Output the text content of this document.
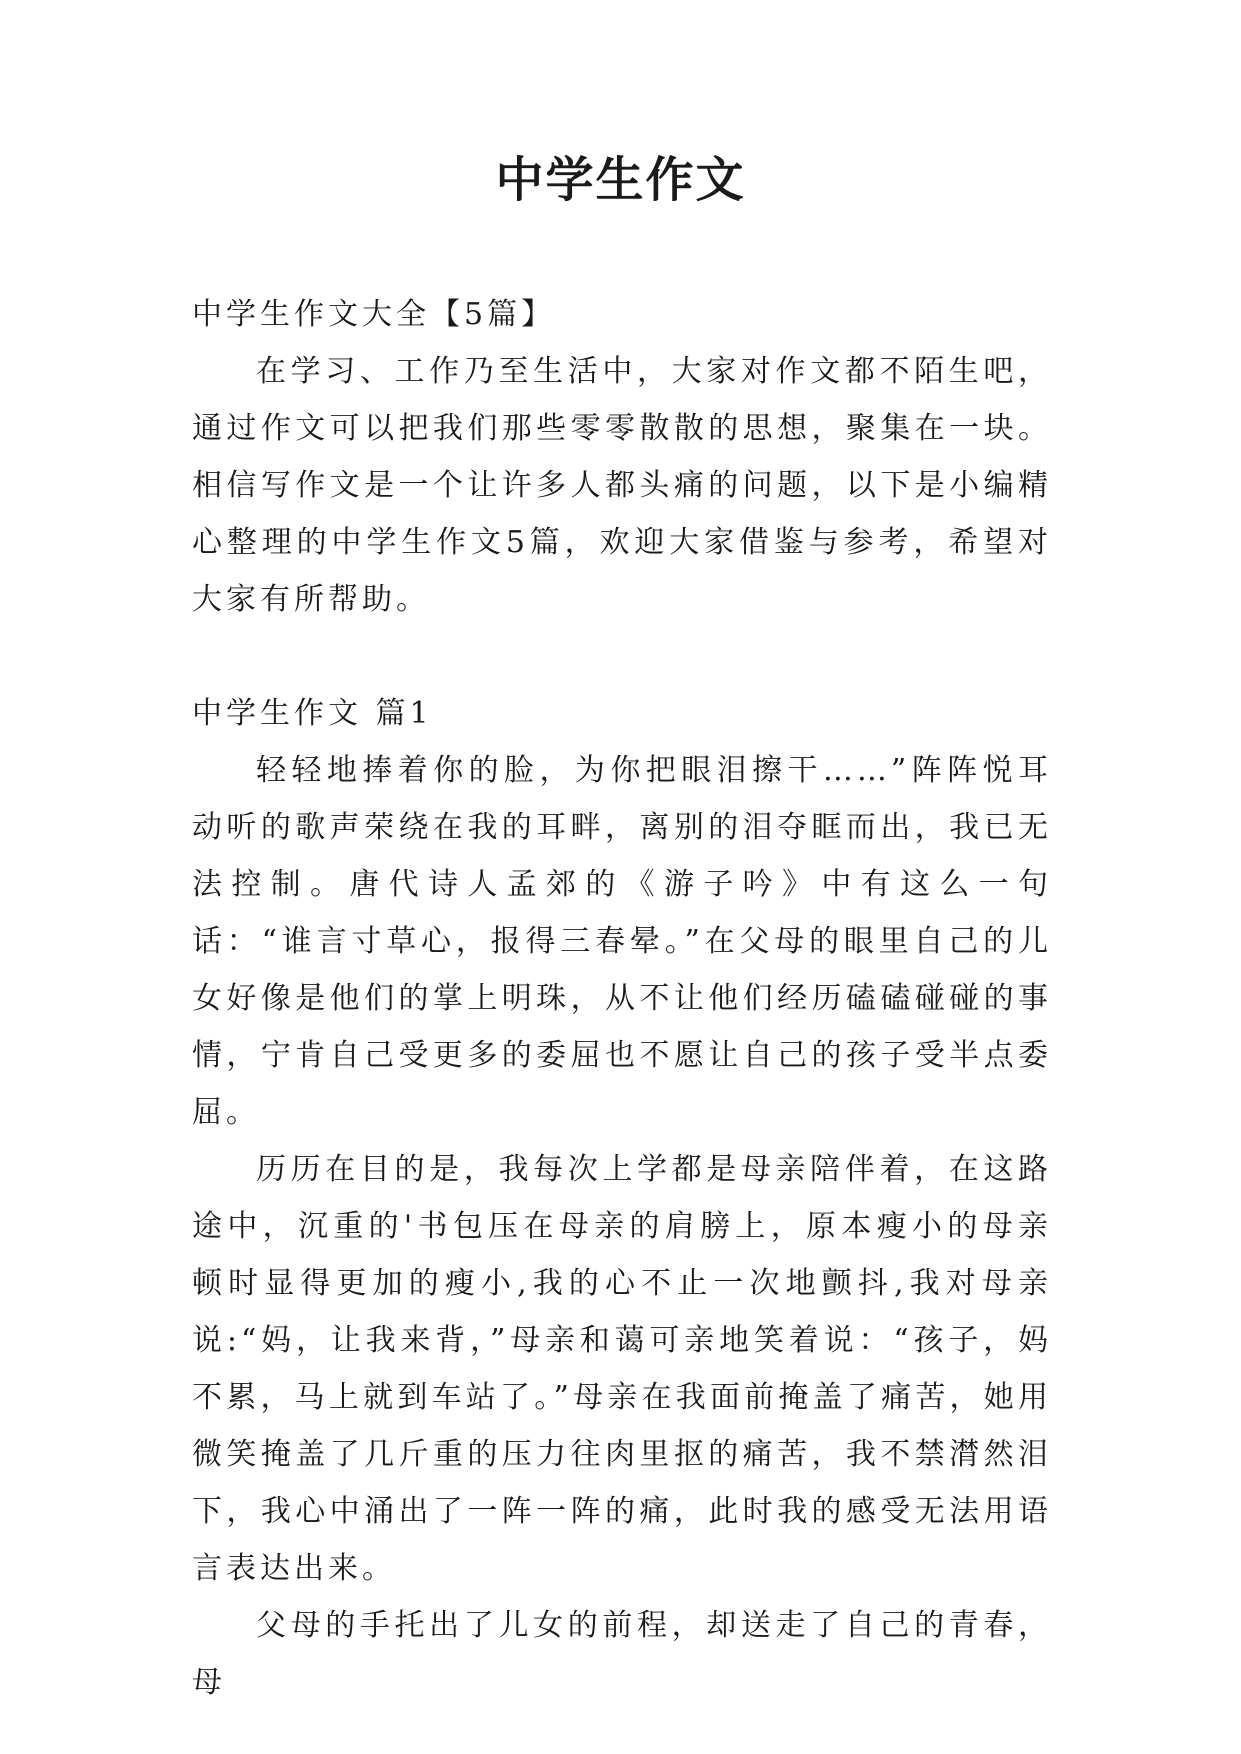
中学生作文

中学生作文大全【5篇】

在学习、工作乃至生活中，大家对作文都不陌生吧，通过作文可以把我们那些零零散散的思想，聚集在一块。相信写作文是一个让许多人都头痛的问题，以下是小编精心整理的中学生作文5篇，欢迎大家借鉴与参考，希望对大家有所帮助。

中学生作文 篇1

轻轻地捧着你的脸，为你把眼泪擦干……”阵阵悦耳动听的歌声荣绕在我的耳畔，离别的泪夺眶而出，我已无法控制。唐代诗人孟郊的《游子吟》中有这么一句话：“谁言寸草心，报得三春晕。”在父母的眼里自己的儿女好像是他们的掌上明珠，从不让他们经历磕磕碰碰的事情，宁肯自己受更多的委屈也不愿让自己的孩子受半点委屈。

历历在目的是，我每次上学都是母亲陪伴着，在这路途中，沉重的'书包压在母亲的肩膀上，原本瘦小的母亲顿时显得更加的瘦小,我的心不止一次地颤抖,我对母亲说:“妈，让我来背，”母亲和蔼可亲地笑着说：“孩子，妈不累，马上就到车站了。”母亲在我面前掩盖了痛苦，她用微笑掩盖了几斤重的压力往肉里抠的痛苦，我不禁潸然泪下，我心中涌出了一阵一阵的痛，此时我的感受无法用语言表达出来。

父母的手托出了儿女的前程，却送走了自己的青春，母
